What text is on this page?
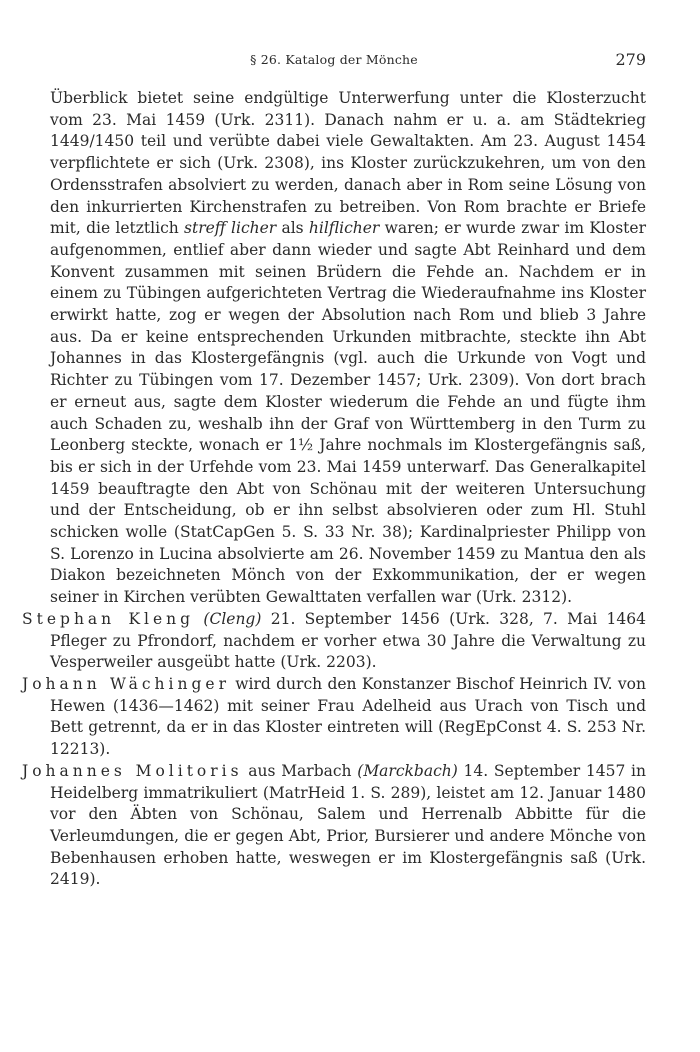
§ 26. Katalog der Mönche	279

Überblick bietet seine endgültige Unterwerfung unter die Klosterzucht vom 23. Mai 1459 (Urk. 2311). Danach nahm er u. a. am Städtekrieg 1449/1450 teil und verübte dabei viele Gewaltakten. Am 23. August 1454 verpflichtete er sich (Urk. 2308), ins Kloster zurückzukehren, um von den Ordensstrafen absolviert zu werden, danach aber in Rom seine Lösung von den inkurrierten Kirchenstrafen zu betreiben. Von Rom brachte er Briefe mit, die letztlich streff licher als hilflicher waren; er wurde zwar im Kloster aufgenommen, entlief aber dann wieder und sagte Abt Reinhard und dem Konvent zusammen mit seinen Brüdern die Fehde an. Nachdem er in einem zu Tübingen aufgerichteten Vertrag die Wiederaufnahme ins Kloster erwirkt hatte, zog er wegen der Absolution nach Rom und blieb 3 Jahre aus. Da er keine entsprechenden Urkunden mitbrachte, steckte ihn Abt Johannes in das Klostergefängnis (vgl. auch die Urkunde von Vogt und Richter zu Tübingen vom 17. Dezember 1457; Urk. 2309). Von dort brach er erneut aus, sagte dem Kloster wiederum die Fehde an und fügte ihm auch Schaden zu, weshalb ihn der Graf von Württemberg in den Turm zu Leonberg steckte, wonach er 1½ Jahre nochmals im Klostergefängnis saß, bis er sich in der Urfehde vom 23. Mai 1459 unterwarf. Das Generalkapitel 1459 beauftragte den Abt von Schönau mit der weiteren Untersuchung und der Entscheidung, ob er ihn selbst absolvieren oder zum Hl. Stuhl schicken wolle (StatCapGen 5. S. 33 Nr. 38); Kardinalpriester Philipp von S. Lorenzo in Lucina absolvierte am 26. November 1459 zu Mantua den als Diakon bezeichneten Mönch von der Exkommunikation, der er wegen seiner in Kirchen verübten Gewalttaten verfallen war (Urk. 2312).

Stephan Kleng (Cleng) 21. September 1456 (Urk. 328, 7. Mai 1464 Pfleger zu Pfrondorf, nachdem er vorher etwa 30 Jahre die Verwaltung zu Vesperweiler ausgeübt hatte (Urk. 2203).

Johann Wächinger wird durch den Konstanzer Bischof Heinrich IV. von Hewen (1436—1462) mit seiner Frau Adelheid aus Urach von Tisch und Bett getrennt, da er in das Kloster eintreten will (RegEpConst 4. S. 253 Nr. 12213).

Johannes Molitoris aus Marbach (Marckbach) 14. September 1457 in Heidelberg immatrikuliert (MatrHeid 1. S. 289), leistet am 12. Januar 1480 vor den Äbten von Schönau, Salem und Herrenalb Abbitte für die Verleumdungen, die er gegen Abt, Prior, Bursierer und andere Mönche von Bebenhausen erhoben hatte, weswegen er im Klostergefängnis saß (Urk. 2419).
